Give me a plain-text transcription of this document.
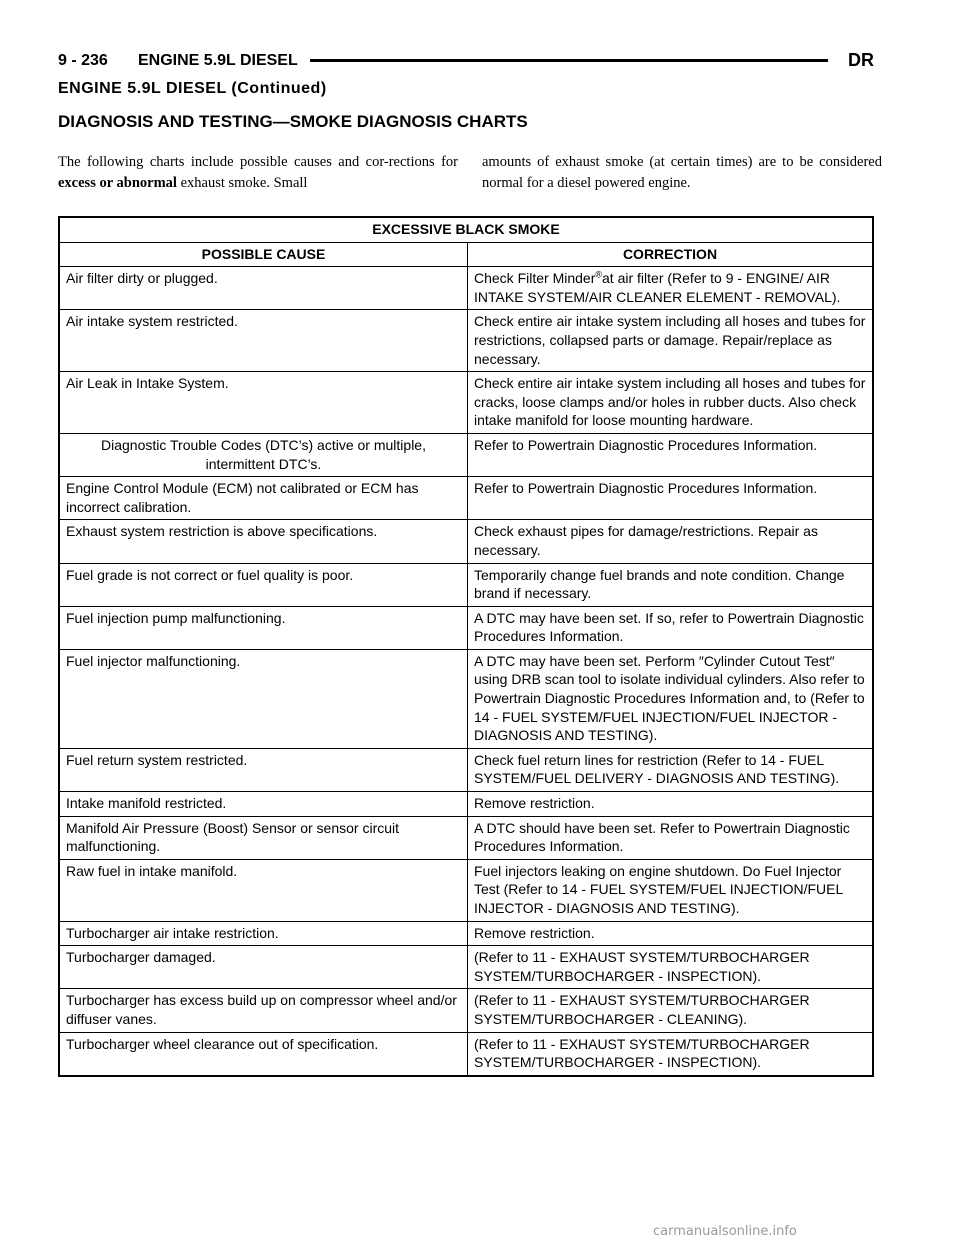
9 - 236 ENGINE 5.9L DIESEL	DR
ENGINE 5.9L DIESEL (Continued)
DIAGNOSIS AND TESTING—SMOKE DIAGNOSIS CHARTS
The following charts include possible causes and cor-rections for excess or abnormal exhaust smoke. Small
amounts of exhaust smoke (at certain times) are to be considered normal for a diesel powered engine.
EXCESSIVE BLACK SMOKE	
POSSIBLE CAUSE	CORRECTION
Air filter dirty or plugged.	Check Filter Minder®at air filter (Refer to 9 - ENGINE/ AIR INTAKE SYSTEM/AIR CLEANER ELEMENT - REMOVAL).
Air intake system restricted.	Check entire air intake system including all hoses and tubes for restrictions, collapsed parts or damage. Repair/replace as necessary.
Air Leak in Intake System.	Check entire air intake system including all hoses and tubes for cracks, loose clamps and/or holes in rubber ducts. Also check intake manifold for loose mounting hardware.
Diagnostic Trouble Codes (DTC’s) active or multiple, intermittent DTC’s.	Refer to Powertrain Diagnostic Procedures Information.
Engine Control Module (ECM) not calibrated or ECM has incorrect calibration.	Refer to Powertrain Diagnostic Procedures Information.
Exhaust system restriction is above specifications.	Check exhaust pipes for damage/restrictions. Repair as necessary.
Fuel grade is not correct or fuel quality is poor.	Temporarily change fuel brands and note condition. Change brand if necessary.
Fuel injection pump malfunctioning.	A DTC may have been set. If so, refer to Powertrain Diagnostic Procedures Information.
Fuel injector malfunctioning.	A DTC may have been set. Perform ″Cylinder Cutout Test″ using DRB scan tool to isolate individual cylinders. Also refer to Powertrain Diagnostic Procedures Information and, to (Refer to 14 - FUEL SYSTEM/FUEL INJECTION/FUEL INJECTOR - DIAGNOSIS AND TESTING).
Fuel return system restricted.	Check fuel return lines for restriction (Refer to 14 - FUEL SYSTEM/FUEL DELIVERY - DIAGNOSIS AND TESTING).
Intake manifold restricted.	Remove restriction.
Manifold Air Pressure (Boost) Sensor or sensor circuit malfunctioning.	A DTC should have been set. Refer to Powertrain Diagnostic Procedures Information.
Raw fuel in intake manifold.	Fuel injectors leaking on engine shutdown. Do Fuel Injector Test (Refer to 14 - FUEL SYSTEM/FUEL INJECTION/FUEL INJECTOR - DIAGNOSIS AND TESTING).
Turbocharger air intake restriction.	Remove restriction.
Turbocharger damaged.	(Refer to 11 - EXHAUST SYSTEM/TURBOCHARGER SYSTEM/TURBOCHARGER - INSPECTION).
Turbocharger has excess build up on compressor wheel and/or diffuser vanes.	(Refer to 11 - EXHAUST SYSTEM/TURBOCHARGER SYSTEM/TURBOCHARGER - CLEANING).
Turbocharger wheel clearance out of specification.	(Refer to 11 - EXHAUST SYSTEM/TURBOCHARGER SYSTEM/TURBOCHARGER - INSPECTION).
carmanualsonline.info
